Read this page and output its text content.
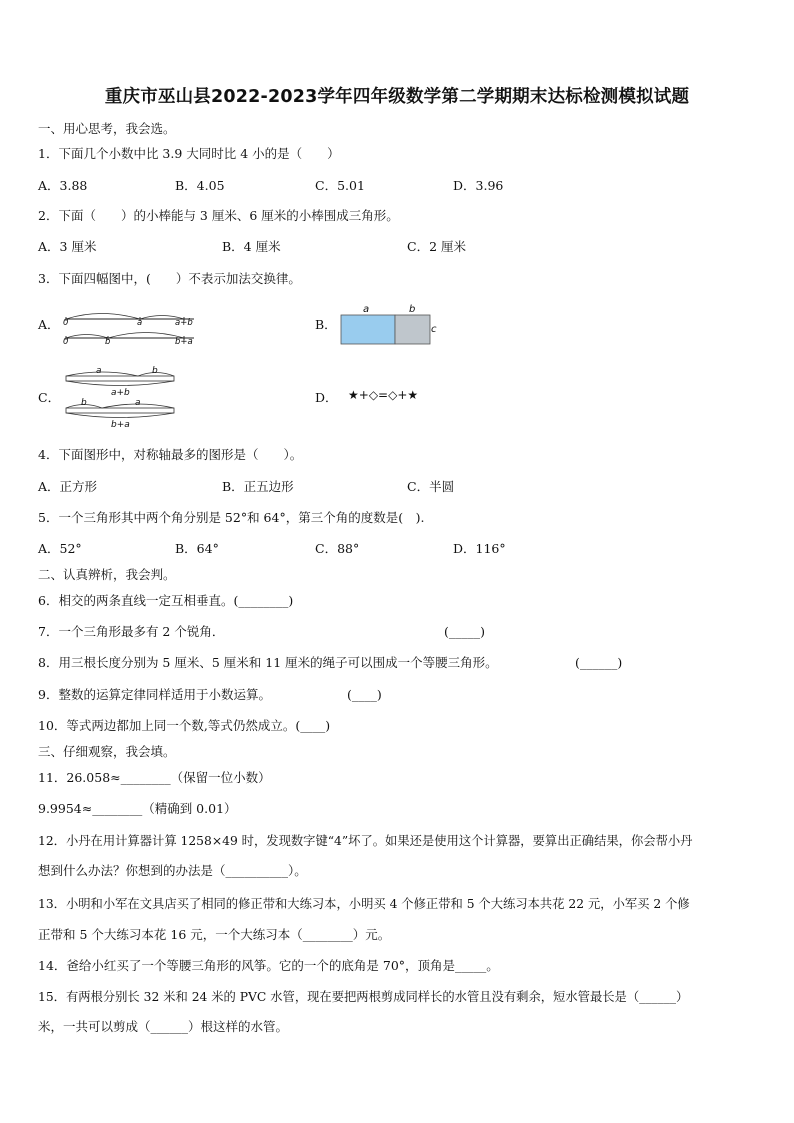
重庆市巫山县2022-2023学年四年级数学第二学期期末达标检测模拟试题
一、用心思考，我会选。
1．下面几个小数中比 3.9 大同时比 4 小的是（　　）
A．3.88	B．4.05	C．5.01	D．3.96
2．下面（　　）的小棒能与 3 厘米、6 厘米的小棒围成三角形。
A．3 厘米	B．4 厘米	C．2 厘米
3．下面四幅图中，(　　）不表示加法交换律。
A． 0	a	a+b
0	b	b+a
B．
a	b
c
C．
a	b
a+b
b	a
b+a
D． ★+◇=◇+★
4．下面图形中，对称轴最多的图形是（　　）。
A．正方形	B．正五边形	C．半圆
5．一个三角形其中两个角分别是 52°和 64°，第三个角的度数是(　).
A．52°	B．64°	C．88°	D．116°
二、认真辨析，我会判。
6．相交的两条直线一定互相垂直。(________)
7．一个三角形最多有 2 个锐角．	(_____)
8．用三根长度分别为 5 厘米、5 厘米和 11 厘米的绳子可以围成一个等腰三角形。	(______)
9．整数的运算定律同样适用于小数运算。	(____)
10．等式两边都加上同一个数,等式仍然成立。(____)
三、仔细观察，我会填。
11．26.058≈________（保留一位小数）
9.9954≈________（精确到 0.01）
12．小丹在用计算器计算 1258×49 时，发现数字键“4”坏了。如果还是使用这个计算器，要算出正确结果，你会帮小丹
想到什么办法？你想到的办法是（__________）。
13．小明和小军在文具店买了相同的修正带和大练习本，小明买 4 个修正带和 5 个大练习本共花 22 元，小军买 2 个修
正带和 5 个大练习本花 16 元，一个大练习本（________）元。
14．爸给小红买了一个等腰三角形的风筝。它的一个的底角是 70°，顶角是_____。
15．有两根分别长 32 米和 24 米的 PVC 水管，现在要把两根剪成同样长的水管且没有剩余，短水管最长是（______）
米，一共可以剪成（______）根这样的水管。
